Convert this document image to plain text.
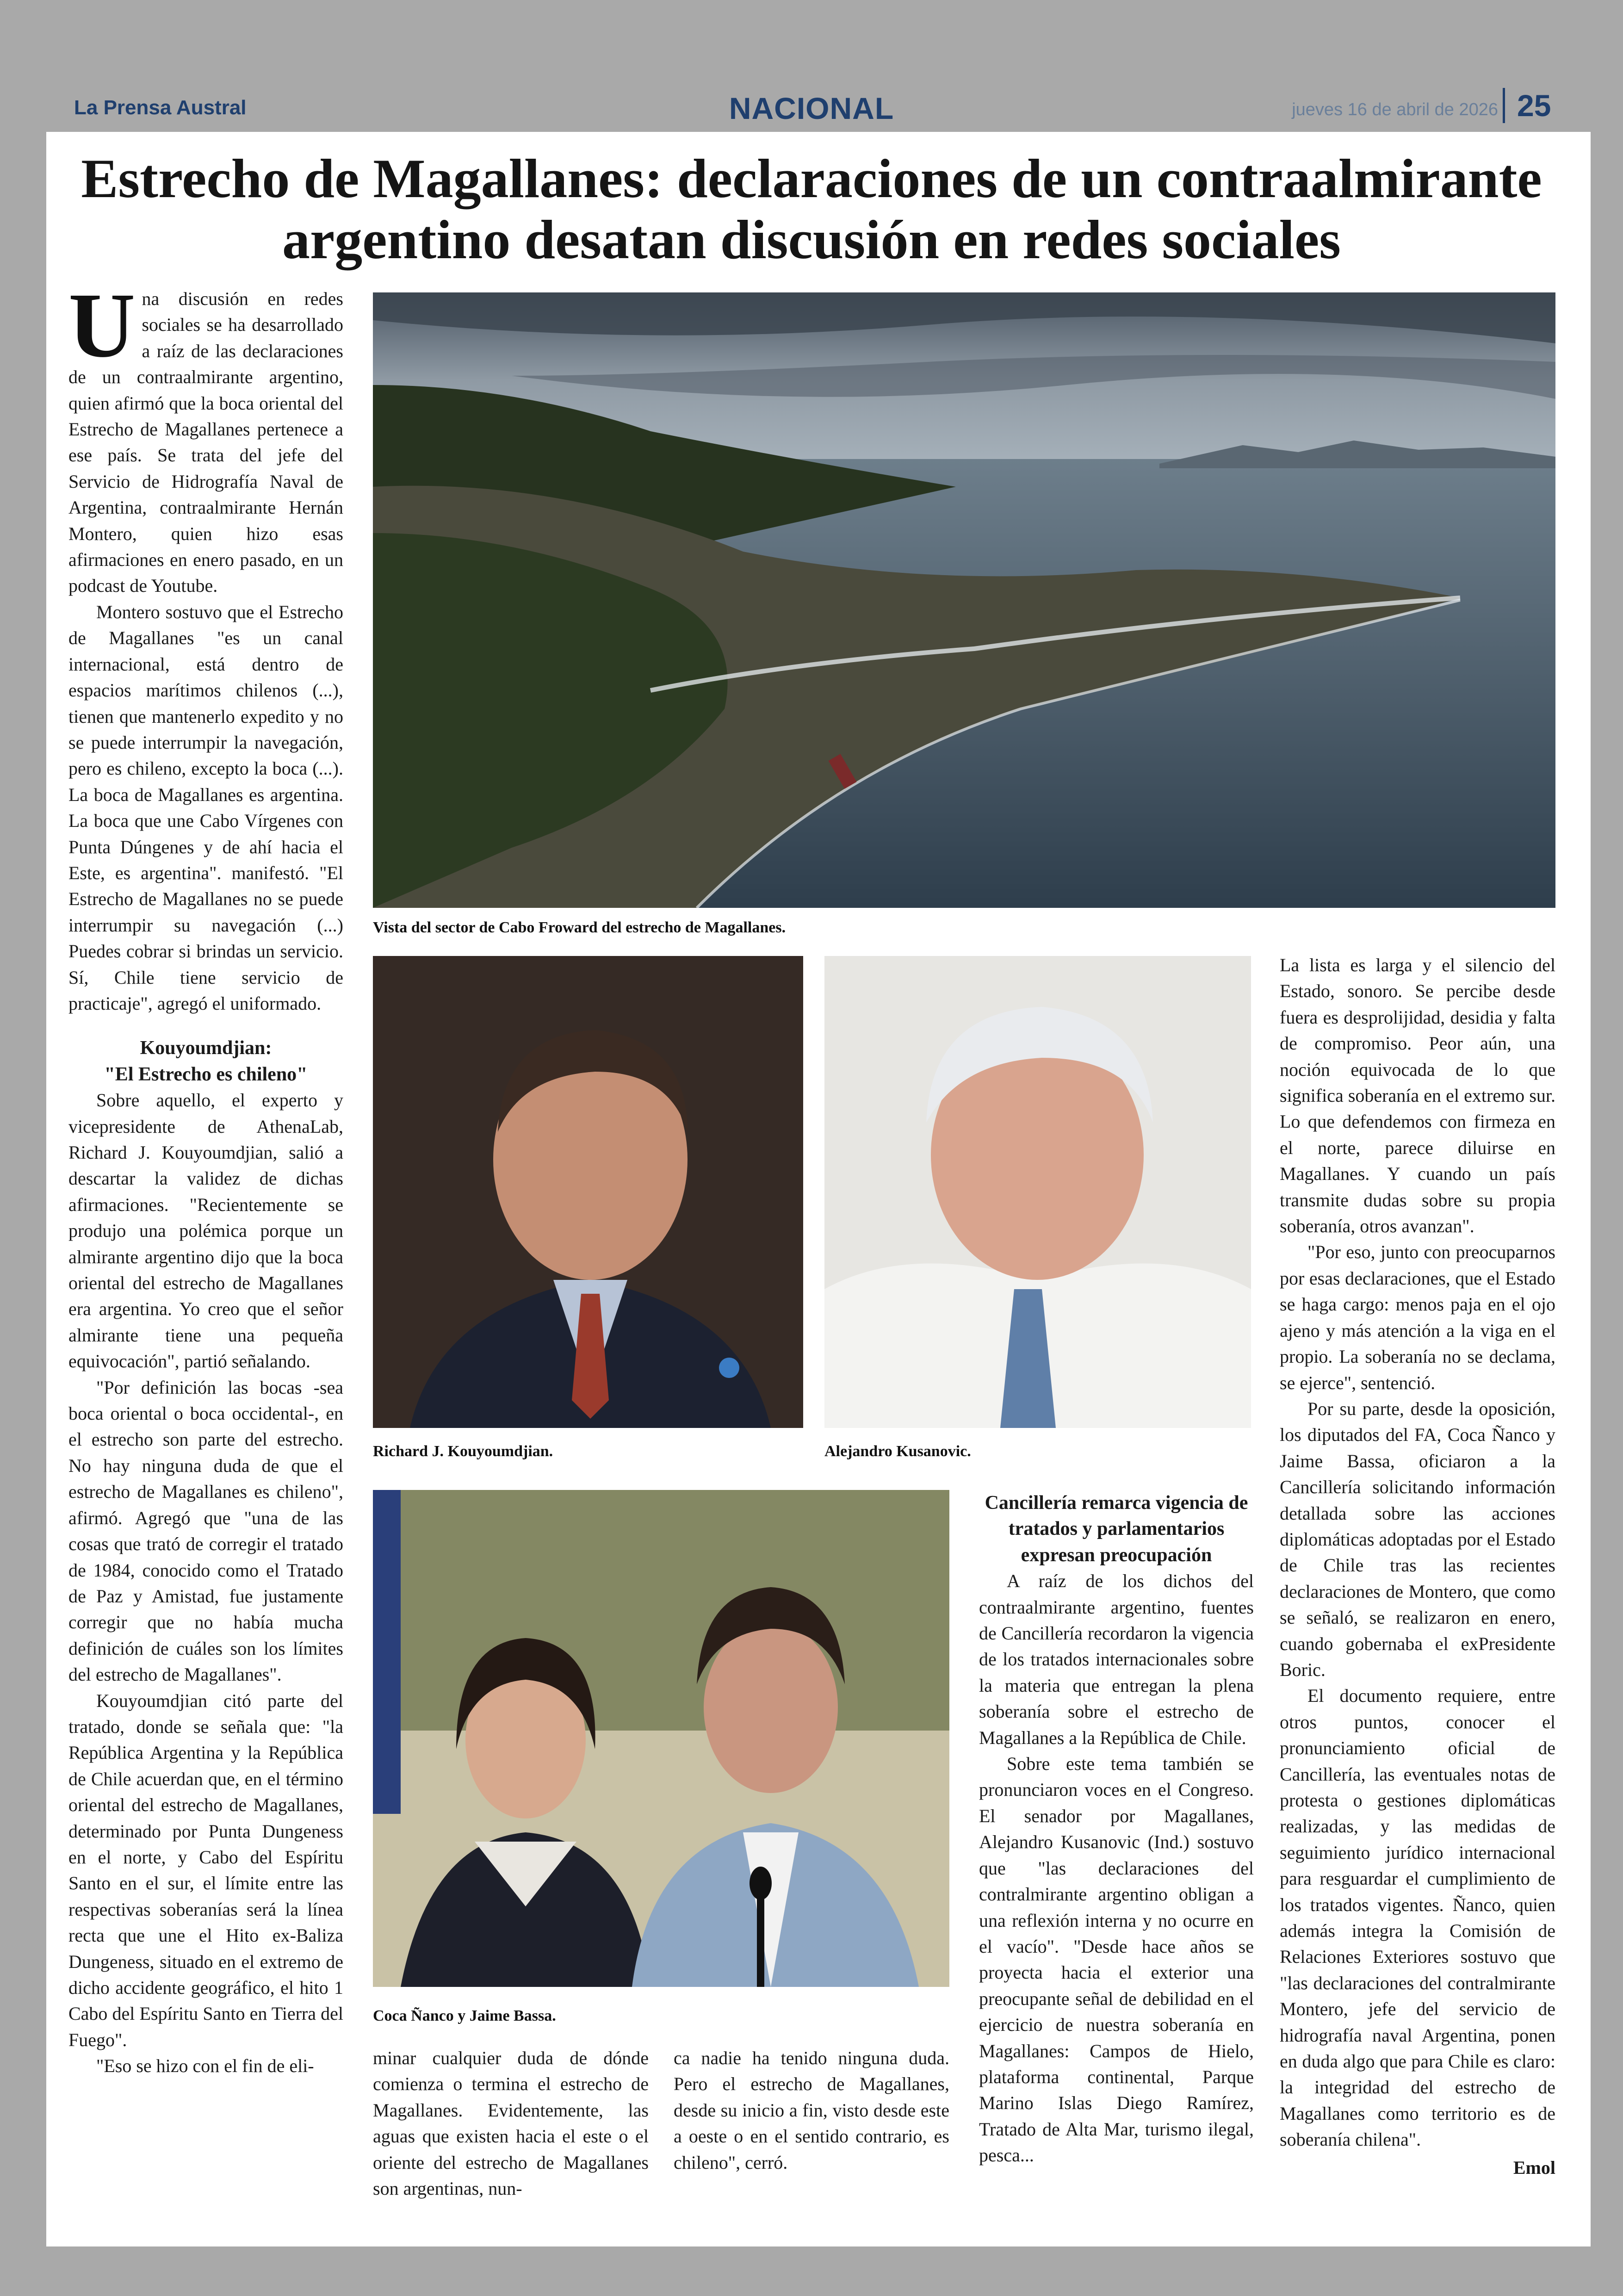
La Prensa Austral	NACIONAL	jueves 16 de abril de 2026 25
Estrecho de Magallanes: declaraciones de un contraalmirante
argentino desatan discusión en redes sociales

Una discusión en redes sociales se ha desarrollado a raíz de las declaraciones de un contraalmirante argentino, quien afirmó que la boca oriental del Estrecho de Magallanes pertenece a ese país. Se trata del jefe del Servicio de Hidrografía Naval de Argentina, contraalmirante Hernán Montero, quien hizo esas afirmaciones en enero pasado, en un podcast de Youtube.

Montero sostuvo que el Estrecho de Magallanes "es un canal internacional, está dentro de espacios marítimos chilenos (...), tienen que mantenerlo expedito y no se puede interrumpir la navegación, pero es chileno, excepto la boca (...). La boca de Magallanes es argentina. La boca que une Cabo Vírgenes con Punta Dúngenes y de ahí hacia el Este, es argentina". manifestó. "El Estrecho de Magallanes no se puede interrumpir su navegación (...) Puedes cobrar si brindas un servicio. Sí, Chile tiene servicio de practicaje", agregó el uniformado.

Kouyoumdjian:
"El Estrecho es chileno"

Sobre aquello, el experto y vicepresidente de AthenaLab, Richard J. Kouyoumdjian, salió a descartar la validez de dichas afirmaciones. "Recientemente se produjo una polémica porque un almirante argentino dijo que la boca oriental del estrecho de Magallanes era argentina. Yo creo que el señor almirante tiene una pequeña equivocación", partió señalando.

"Por definición las bocas -sea boca oriental o boca occidental-, en el estrecho son parte del estrecho. No hay ninguna duda de que el estrecho de Magallanes es chileno", afirmó. Agregó que "una de las cosas que trató de corregir el tratado de 1984, conocido como el Tratado de Paz y Amistad, fue justamente corregir que no había mucha definición de cuáles son los límites del estrecho de Magallanes".

Kouyoumdjian citó parte del tratado, donde se señala que: "la República Argentina y la República de Chile acuerdan que, en el término oriental del estrecho de Magallanes, determinado por Punta Dungeness en el norte, y Cabo del Espíritu Santo en el sur, el límite entre las respectivas soberanías será la línea recta que une el Hito ex-Baliza Dungeness, situado en el extremo de dicho accidente geográfico, el hito 1 Cabo del Espíritu Santo en Tierra del Fuego".

"Eso se hizo con el fin de eli-

Vista del sector de Cabo Froward del estrecho de Magallanes.
Richard J. Kouyoumdjian.	Alejandro Kusanovic.
Coca Ñanco y Jaime Bassa.

minar cualquier duda de dónde comienza o termina el estrecho de Magallanes. Evidentemente, las aguas que existen hacia el este o el oriente del estrecho de Magallanes son argentinas, nun-

ca nadie ha tenido ninguna duda. Pero el estrecho de Magallanes, desde su inicio a fin, visto desde este a oeste o en el sentido contrario, es chileno", cerró.

Cancillería remarca vigencia de tratados y parlamentarios expresan preocupación

A raíz de los dichos del contraalmirante argentino, fuentes de Cancillería recordaron la vigencia de los tratados internacionales sobre la materia que entregan la plena soberanía sobre el estrecho de Magallanes a la República de Chile.

Sobre este tema también se pronunciaron voces en el Congreso. El senador por Magallanes, Alejandro Kusanovic (Ind.) sostuvo que "las declaraciones del contralmirante argentino obligan a una reflexión interna y no ocurre en el vacío". "Desde hace años se proyecta hacia el exterior una preocupante señal de debilidad en el ejercicio de nuestra soberanía en Magallanes: Campos de Hielo, plataforma continental, Parque Marino Islas Diego Ramírez, Tratado de Alta Mar, turismo ilegal, pesca...

La lista es larga y el silencio del Estado, sonoro. Se percibe desde fuera es desprolijidad, desidia y falta de compromiso. Peor aún, una noción equivocada de lo que significa soberanía en el extremo sur. Lo que defendemos con firmeza en el norte, parece diluirse en Magallanes. Y cuando un país transmite dudas sobre su propia soberanía, otros avanzan".

"Por eso, junto con preocuparnos por esas declaraciones, que el Estado se haga cargo: menos paja en el ojo ajeno y más atención a la viga en el propio. La soberanía no se declama, se ejerce", sentenció.

Por su parte, desde la oposición, los diputados del FA, Coca Ñanco y Jaime Bassa, oficiaron a la Cancillería solicitando información detallada sobre las acciones diplomáticas adoptadas por el Estado de Chile tras las recientes declaraciones de Montero, que como se señaló, se realizaron en enero, cuando gobernaba el exPresidente Boric.

El documento requiere, entre otros puntos, conocer el pronunciamiento oficial de Cancillería, las eventuales notas de protesta o gestiones diplomáticas realizadas, y las medidas de seguimiento jurídico internacional para resguardar el cumplimiento de los tratados vigentes. Ñanco, quien además integra la Comisión de Relaciones Exteriores sostuvo que "las declaraciones del contralmirante Montero, jefe del servicio de hidrografía naval Argentina, ponen en duda algo que para Chile es claro: la integridad del estrecho de Magallanes como territorio es de soberanía chilena".

Emol
